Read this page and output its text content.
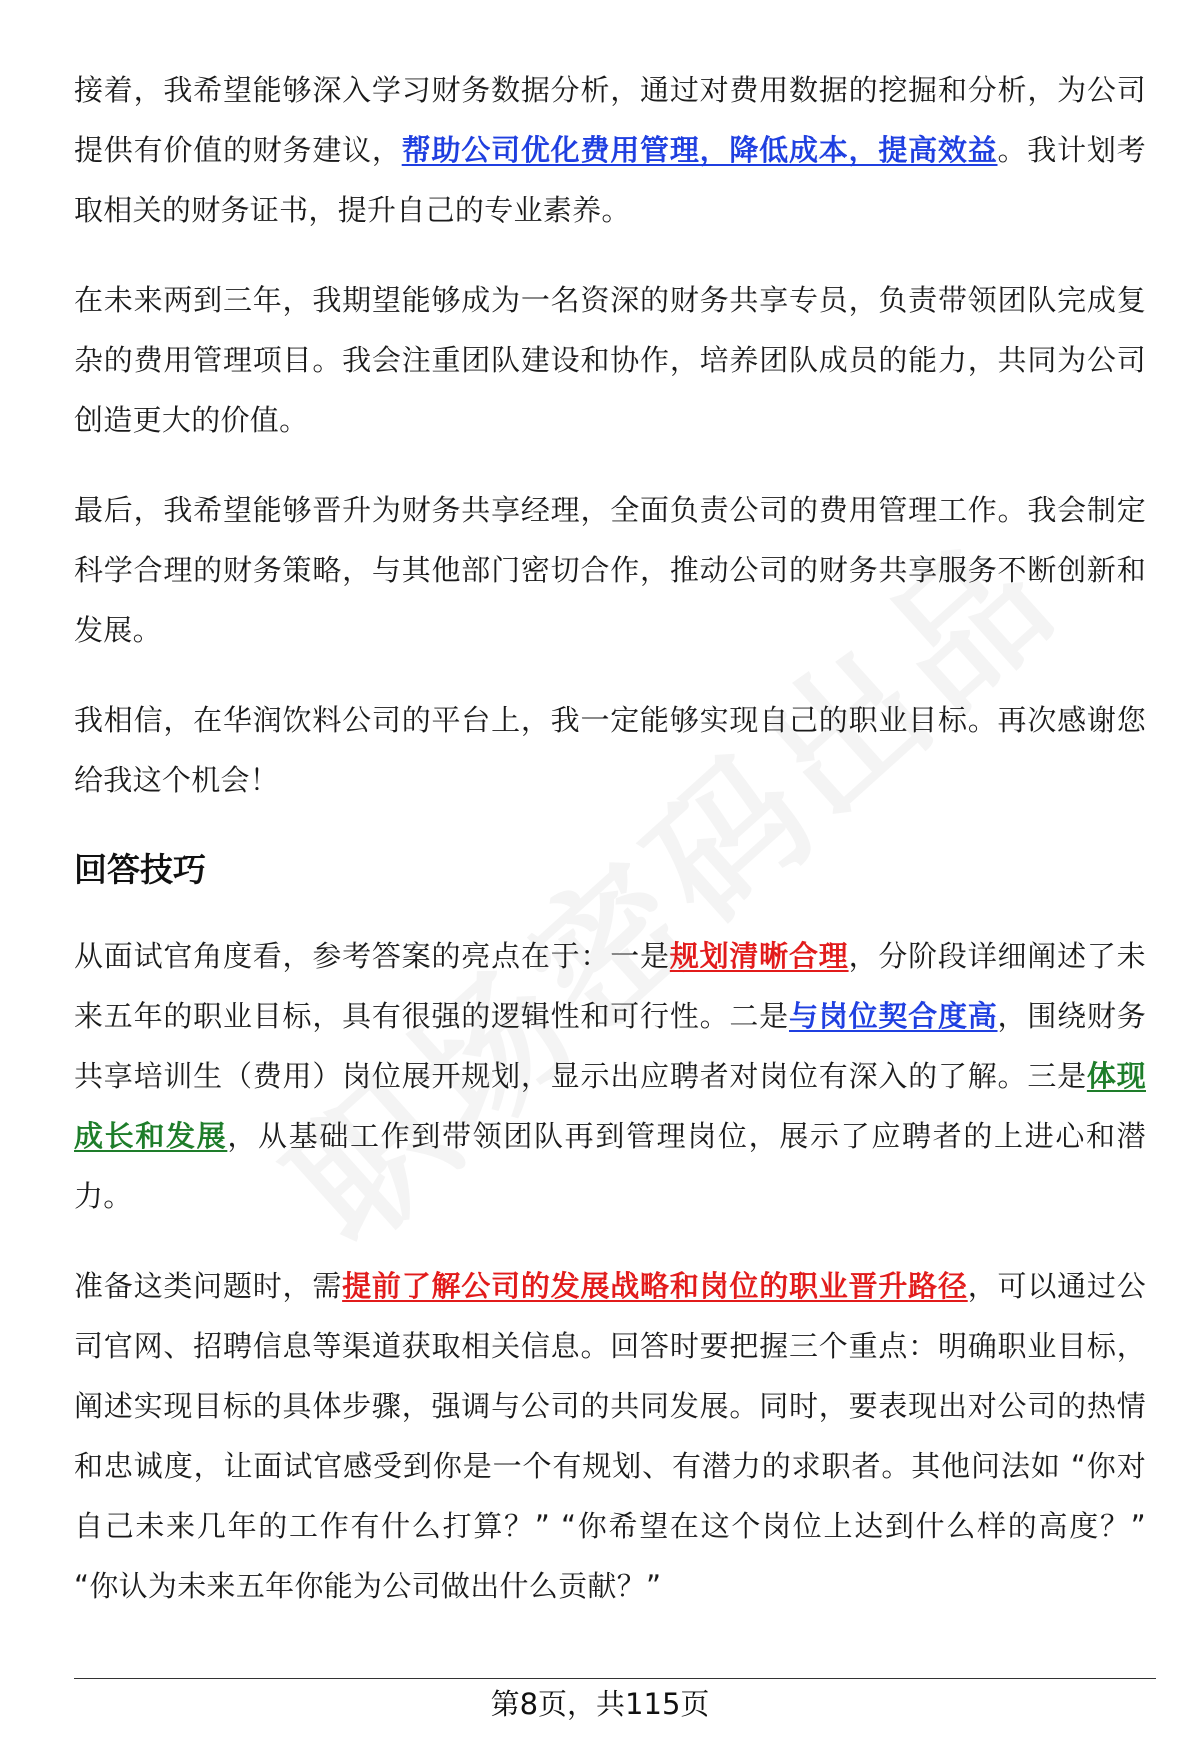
接着，我希望能够深入学习财务数据分析，通过对费用数据的挖掘和分析，为公司提供有价值的财务建议，帮助公司优化费用管理，降低成本，提高效益。我计划考取相关的财务证书，提升自己的专业素养。

在未来两到三年，我期望能够成为一名资深的财务共享专员，负责带领团队完成复杂的费用管理项目。我会注重团队建设和协作，培养团队成员的能力，共同为公司创造更大的价值。

最后，我希望能够晋升为财务共享经理，全面负责公司的费用管理工作。我会制定科学合理的财务策略，与其他部门密切合作，推动公司的财务共享服务不断创新和发展。

我相信，在华润饮料公司的平台上，我一定能够实现自己的职业目标。再次感谢您给我这个机会！

回答技巧

从面试官角度看，参考答案的亮点在于：一是规划清晰合理，分阶段详细阐述了未来五年的职业目标，具有很强的逻辑性和可行性。二是与岗位契合度高，围绕财务共享培训生（费用）岗位展开规划，显示出应聘者对岗位有深入的了解。三是体现成长和发展，从基础工作到带领团队再到管理岗位，展示了应聘者的上进心和潜力。

准备这类问题时，需提前了解公司的发展战略和岗位的职业晋升路径，可以通过公司官网、招聘信息等渠道获取相关信息。回答时要把握三个重点：明确职业目标，阐述实现目标的具体步骤，强调与公司的共同发展。同时，要表现出对公司的热情和忠诚度，让面试官感受到你是一个有规划、有潜力的求职者。其他问法如 “你对自己未来几年的工作有什么打算？” “你希望在这个岗位上达到什么样的高度？” “你认为未来五年你能为公司做出什么贡献？”

第8页，共115页
